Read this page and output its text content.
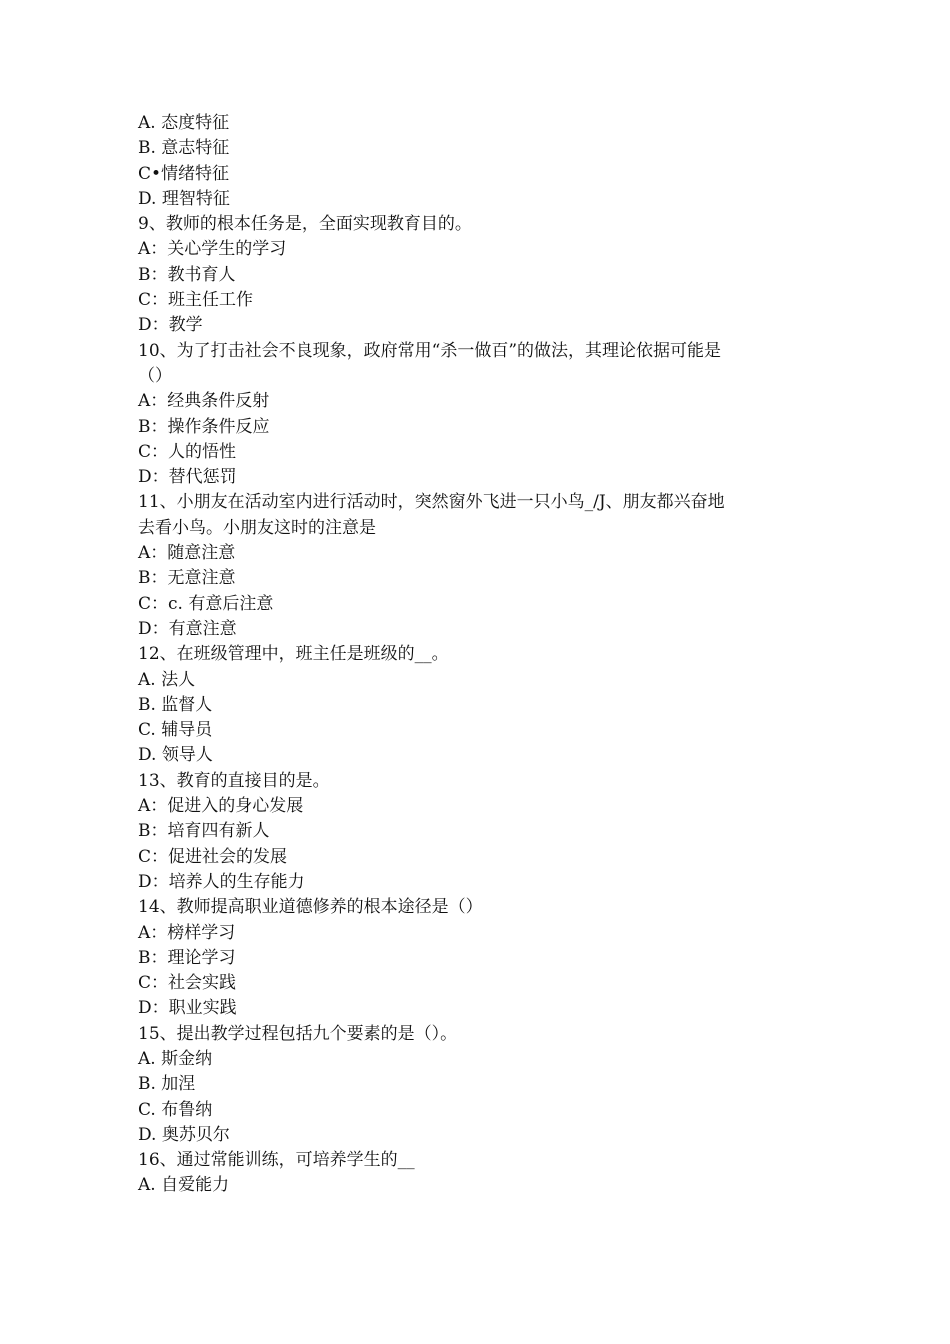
A. 态度特征
B. 意志特征
C•情绪特征
D. 理智特征
9、教师的根本任务是，全面实现教育目的。
A：关心学生的学习
B：教书育人
C：班主任工作
D：教学
10、为了打击社会不良现象，政府常用“杀一做百”的做法，其理论依据可能是
（）
A：经典条件反射
B：操作条件反应
C：人的悟性
D：替代惩罚
11、小朋友在活动室内进行活动时，突然窗外飞进一只小鸟_/J、朋友都兴奋地
去看小鸟。小朋友这时的注意是
A：随意注意
B：无意注意
C：c. 有意后注意
D：有意注意
12、在班级管理中，班主任是班级的__。
A. 法人
B. 监督人
C. 辅导员
D. 领导人
13、教育的直接目的是。
A：促进入的身心发展
B：培育四有新人
C：促进社会的发展
D：培养人的生存能力
14、教师提高职业道德修养的根本途径是（）
A：榜样学习
B：理论学习
C：社会实践
D：职业实践
15、提出教学过程包括九个要素的是（）。
A. 斯金纳
B. 加涅
C. 布鲁纳
D. 奥苏贝尔
16、通过常能训练，可培养学生的__
A. 自爱能力
